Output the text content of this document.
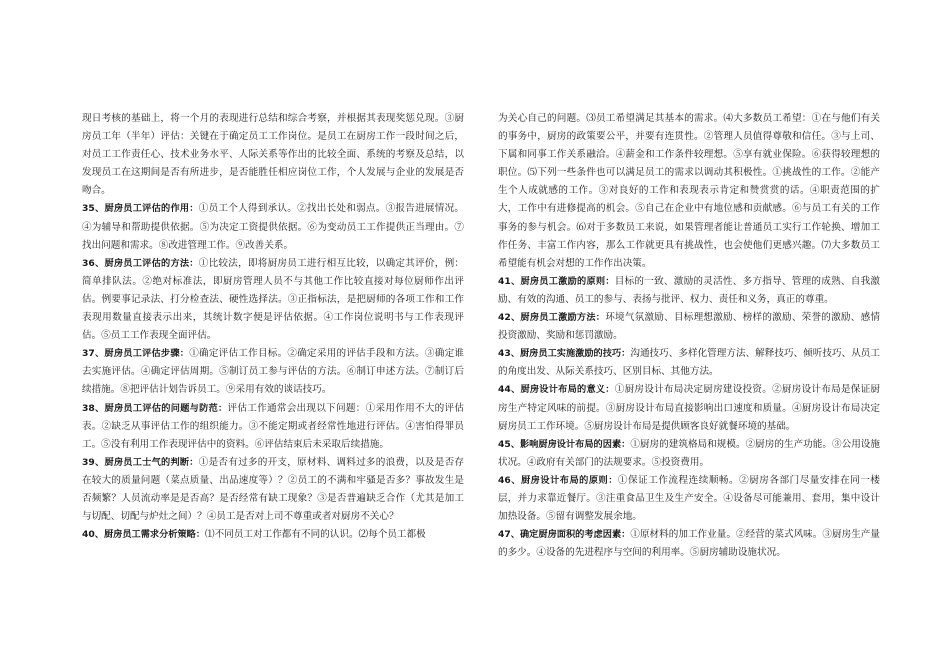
现日考核的基础上，将一个月的表现进行总结和综合考察，并根据其表现奖惩兑现。③厨房员工年（半年）评估：关键在于确定员工工作岗位。是员工在厨房工作一段时间之后，对员工工作责任心、技术业务水平、人际关系等作出的比较全面、系统的考察及总结，以发现员工在这期间是否有所进步，是否能胜任相应岗位工作，个人发展与企业的发展是否吻合。

35、厨房员工评估的作用：①员工个人得到承认。②找出长处和弱点。③报告进展情况。④为辅导和帮助提供依据。⑤为决定工资提供依据。⑥为变动员工工作提供正当理由。⑦找出问题和需求。⑧改进管理工作。⑨改善关系。

36、厨房员工评估的方法：①比较法，即将厨房员工进行相互比较，以确定其评价，例：简单排队法。②绝对标准法，即厨房管理人员不与其他工作比较直接对每位厨师作出评估。例要事记录法、打分检查法、硬性选择法。③正指标法，是把厨师的各项工作和工作表现用数量直接表示出来，其统计数字便是评估依据。④工作岗位说明书与工作表现评估。⑤员工工作表现全面评估。

37、厨房员工评估步骤：①确定评估工作目标。②确定采用的评估手段和方法。③确定谁去实施评估。④确定评估周期。⑤制订员工参与评估的方法。⑥制订申述方法。⑦制订后续措施。⑧把评估计划告诉员工。⑨采用有效的谈话技巧。

38、厨房员工评估的问题与防范：评估工作通常会出现以下问题：①采用作用不大的评估表。②缺乏从事评估工作的组织能力。③不能定期或者经常性地进行评估。④害怕得罪员工。⑤没有利用工作表现评估中的资料。⑥评估结束后未采取后续措施。

39、厨房员工士气的判断：①是否有过多的开支，原材料、调料过多的浪费，以及是否存在较大的质量问题（菜点质量、出品速度等）？②员工的不满和牢骚是否多？事故发生是否频繁？人员流动率是是否高？是否经常有缺工现象？③是否普遍缺乏合作（尤其是加工与切配、切配与炉灶之间）？④员工是否对上司不尊重或者对厨房不关心？

40、厨房员工需求分析策略：⑴不同员工对工作都有不同的认识。⑵每个员工都极

为关心自己的问题。⑶员工希望满足其基本的需求。⑷大多数员工希望：①在与他们有关的事务中，厨房的政策要公平，并要有连贯性。②管理人员值得尊敬和信任。③与上司、下属和同事工作关系融洽。④薪金和工作条件较理想。⑤享有就业保险。⑥获得较理想的职位。⑸下列一些条件也可以满足员工的需求以调动其积极性。①挑战性的工作。②能产生个人成就感的工作。③对良好的工作和表现表示肯定和赞赏赏的话。④职责范围的扩大，工作中有进修提高的机会。⑤自己在企业中有地位感和贡献感。⑥与员工有关的工作事务的参与机会。⑹对于多数员工来说，如果管理者能让普通员工实行工作轮换、增加工作任务、丰富工作内容，那么工作就更具有挑战性，也会使他们更感兴趣。⑺大多数员工希望能有机会对想的工作作出决策。

41、厨房员工激励的原则：目标的一致、激励的灵活性、多方指导、管理的成熟、自我激励、有效的沟通、员工的参与、表扬与批评、权力、责任和义务，真正的尊重。

42、厨房员工激励方法：环境气氛激励、目标理想激励、榜样的激励、荣誉的激励、感情投资激励、奖励和惩罚激励。

43、厨房员工实施激励的技巧：沟通技巧、多样化管理方法、解释技巧、倾听技巧、从员工的角度出发、从际关系技巧、区别目标、其他方法。

44、厨房设计布局的意义：①厨房设计布局决定厨房建设投资。②厨房设计布局是保证厨房生产特定风味的前提。③厨房设计布局直接影响出口速度和质量。④厨房设计布局决定厨房员工工作环境。⑤厨房设计布局是提供顾客良好就餐环境的基础。

45、影响厨房设计布局的因素：①厨房的建筑格局和规模。②厨房的生产功能。③公用设施状况。④政府有关部门的法规要求。⑤投资费用。

46、厨房设计布局的原则：①保证工作流程连续顺畅。②厨房各部门尽量安排在同一楼层，并力求靠近餐厅。③注重食品卫生及生产安全。④设备尽可能兼用、套用，集中设计加热设备。⑤留有调整发展余地。

47、确定厨房面积的考虑因素：①原材料的加工作业量。②经营的菜式风味。③厨房生产量的多少。④设备的先进程序与空间的利用率。⑤厨房辅助设施状况。
